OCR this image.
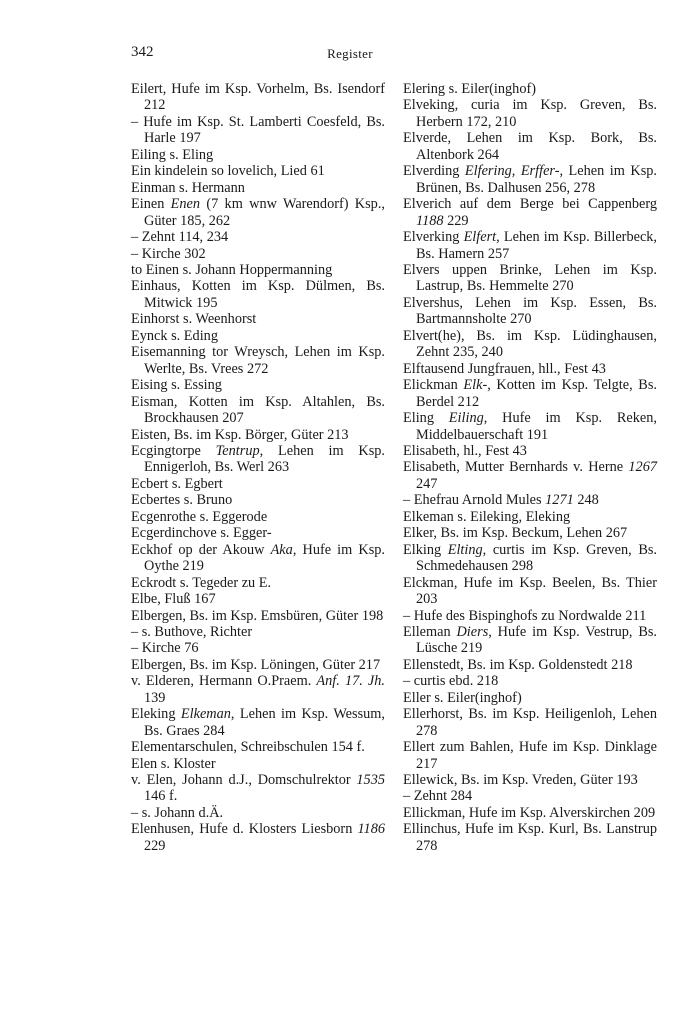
342	Register
Eilert, Hufe im Ksp. Vorhelm, Bs. Isendorf 212
– Hufe im Ksp. St. Lamberti Coesfeld, Bs. Harle 197
Eiling s. Eling
Ein kindelein so lovelich, Lied 61
Einman s. Hermann
Einen Enen (7 km wnw Warendorf) Ksp., Güter 185, 262
– Zehnt 114, 234
– Kirche 302
to Einen s. Johann Hoppermanning
Einhaus, Kotten im Ksp. Dülmen, Bs. Mitwick 195
Einhorst s. Weenhorst
Eynck s. Eding
Eisemanning tor Wreysch, Lehen im Ksp. Werlte, Bs. Vrees 272
Eising s. Essing
Eisman, Kotten im Ksp. Altahlen, Bs. Brockhausen 207
Eisten, Bs. im Ksp. Börger, Güter 213
Ecgingtorpe Tentrup, Lehen im Ksp. Ennigerloh, Bs. Werl 263
Ecbert s. Egbert
Ecbertes s. Bruno
Ecgenrothe s. Eggerode
Ecgerdinchove s. Egger-
Eckhof op der Akouw Aka, Hufe im Ksp. Oythe 219
Eckrodt s. Tegeder zu E.
Elbe, Fluß 167
Elbergen, Bs. im Ksp. Emsbüren, Güter 198
– s. Buthove, Richter
– Kirche 76
Elbergen, Bs. im Ksp. Löningen, Güter 217
v. Elderen, Hermann O.Praem. Anf. 17. Jh. 139
Eleking Elkeman, Lehen im Ksp. Wessum, Bs. Graes 284
Elementarschulen, Schreibschulen 154 f.
Elen s. Kloster
v. Elen, Johann d.J., Domschulrektor 1535 146 f.
– s. Johann d.Ä.
Elenhusen, Hufe d. Klosters Liesborn 1186 229
Elering s. Eiler(inghof)
Elveking, curia im Ksp. Greven, Bs. Herbern 172, 210
Elverde, Lehen im Ksp. Bork, Bs. Altenbork 264
Elverding Elfering, Erffer-, Lehen im Ksp. Brünen, Bs. Dalhusen 256, 278
Elverich auf dem Berge bei Cappenberg 1188 229
Elverking Elfert, Lehen im Ksp. Billerbeck, Bs. Hamern 257
Elvers uppen Brinke, Lehen im Ksp. Lastrup, Bs. Hemmelte 270
Elvershus, Lehen im Ksp. Essen, Bs. Bartmannsholte 270
Elvert(he), Bs. im Ksp. Lüdinghausen, Zehnt 235, 240
Elftausend Jungfrauen, hll., Fest 43
Elickman Elk-, Kotten im Ksp. Telgte, Bs. Berdel 212
Eling Eiling, Hufe im Ksp. Reken, Middelbauerschaft 191
Elisabeth, hl., Fest 43
Elisabeth, Mutter Bernhards v. Herne 1267 247
– Ehefrau Arnold Mules 1271 248
Elkeman s. Eileking, Eleking
Elker, Bs. im Ksp. Beckum, Lehen 267
Elking Elting, curtis im Ksp. Greven, Bs. Schmedehausen 298
Elckman, Hufe im Ksp. Beelen, Bs. Thier 203
– Hufe des Bispinghofs zu Nordwalde 211
Elleman Diers, Hufe im Ksp. Vestrup, Bs. Lüsche 219
Ellenstedt, Bs. im Ksp. Goldenstedt 218
– curtis ebd. 218
Eller s. Eiler(inghof)
Ellerhorst, Bs. im Ksp. Heiligenloh, Lehen 278
Ellert zum Bahlen, Hufe im Ksp. Dinklage 217
Ellewick, Bs. im Ksp. Vreden, Güter 193
– Zehnt 284
Ellickman, Hufe im Ksp. Alverskirchen 209
Ellinchus, Hufe im Ksp. Kurl, Bs. Lanstrup 278
